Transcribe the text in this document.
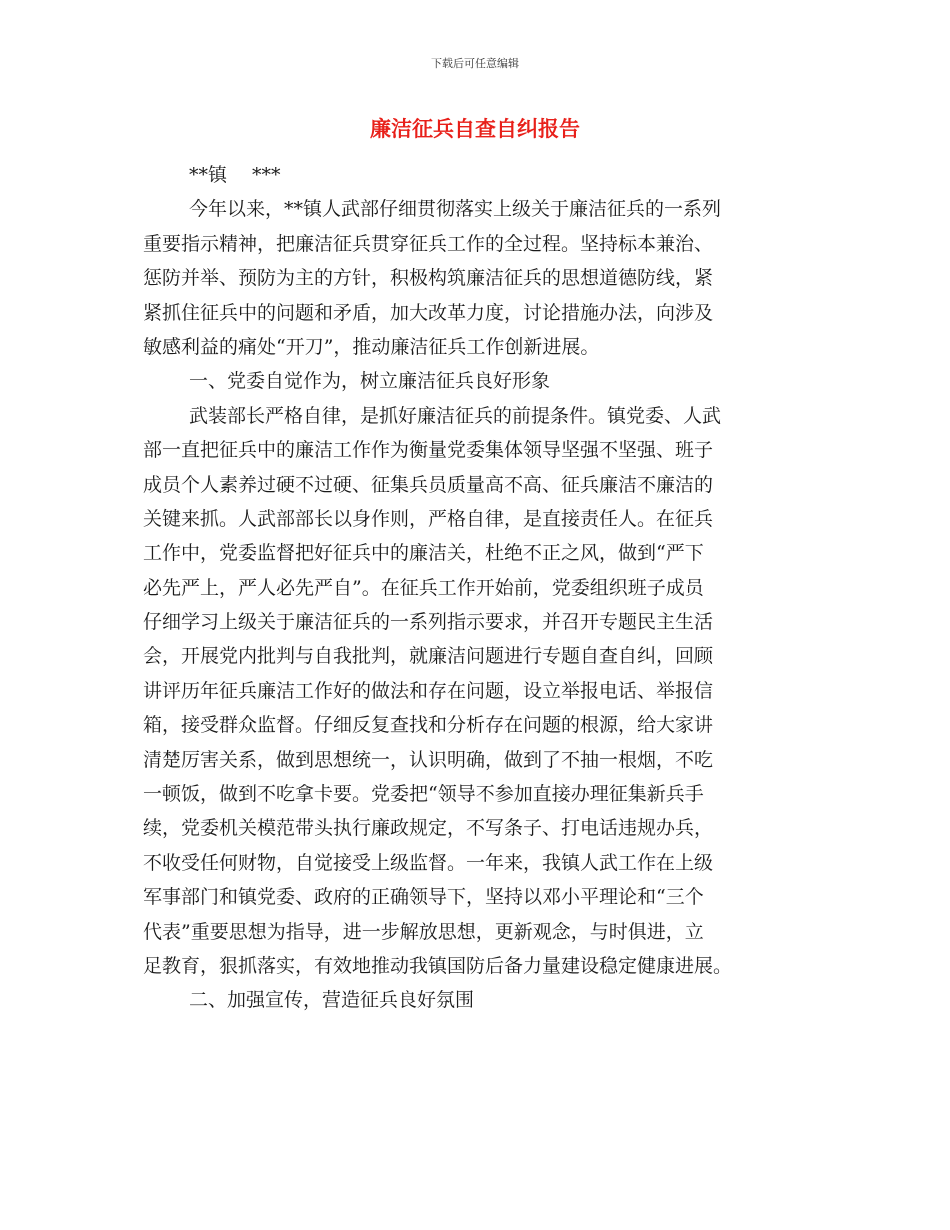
下载后可任意编辑
廉洁征兵自查自纠报告
**镇　 ***
今年以来，**镇人武部仔细贯彻落实上级关于廉洁征兵的一系列
重要指示精神，把廉洁征兵贯穿征兵工作的全过程。坚持标本兼治、
惩防并举、预防为主的方针，积极构筑廉洁征兵的思想道德防线，紧
紧抓住征兵中的问题和矛盾，加大改革力度，讨论措施办法，向涉及
敏感利益的痛处“开刀”，推动廉洁征兵工作创新进展。
一、党委自觉作为，树立廉洁征兵良好形象
武装部长严格自律，是抓好廉洁征兵的前提条件。镇党委、人武
部一直把征兵中的廉洁工作作为衡量党委集体领导坚强不坚强、班子
成员个人素养过硬不过硬、征集兵员质量高不高、征兵廉洁不廉洁的
关键来抓。人武部部长以身作则，严格自律，是直接责任人。在征兵
工作中，党委监督把好征兵中的廉洁关，杜绝不正之风，做到“严下
必先严上，严人必先严自”。在征兵工作开始前，党委组织班子成员
仔细学习上级关于廉洁征兵的一系列指示要求，并召开专题民主生活
会，开展党内批判与自我批判，就廉洁问题进行专题自查自纠，回顾
讲评历年征兵廉洁工作好的做法和存在问题，设立举报电话、举报信
箱，接受群众监督。仔细反复查找和分析存在问题的根源，给大家讲
清楚厉害关系，做到思想统一，认识明确，做到了不抽一根烟，不吃
一顿饭，做到不吃拿卡要。党委把“领导不参加直接办理征集新兵手
续，党委机关模范带头执行廉政规定，不写条子、打电话违规办兵，
不收受任何财物，自觉接受上级监督。一年来，我镇人武工作在上级
军事部门和镇党委、政府的正确领导下，坚持以邓小平理论和“三个
代表”重要思想为指导，进一步解放思想，更新观念，与时俱进，立
足教育，狠抓落实，有效地推动我镇国防后备力量建设稳定健康进展。
二、加强宣传，营造征兵良好氛围
